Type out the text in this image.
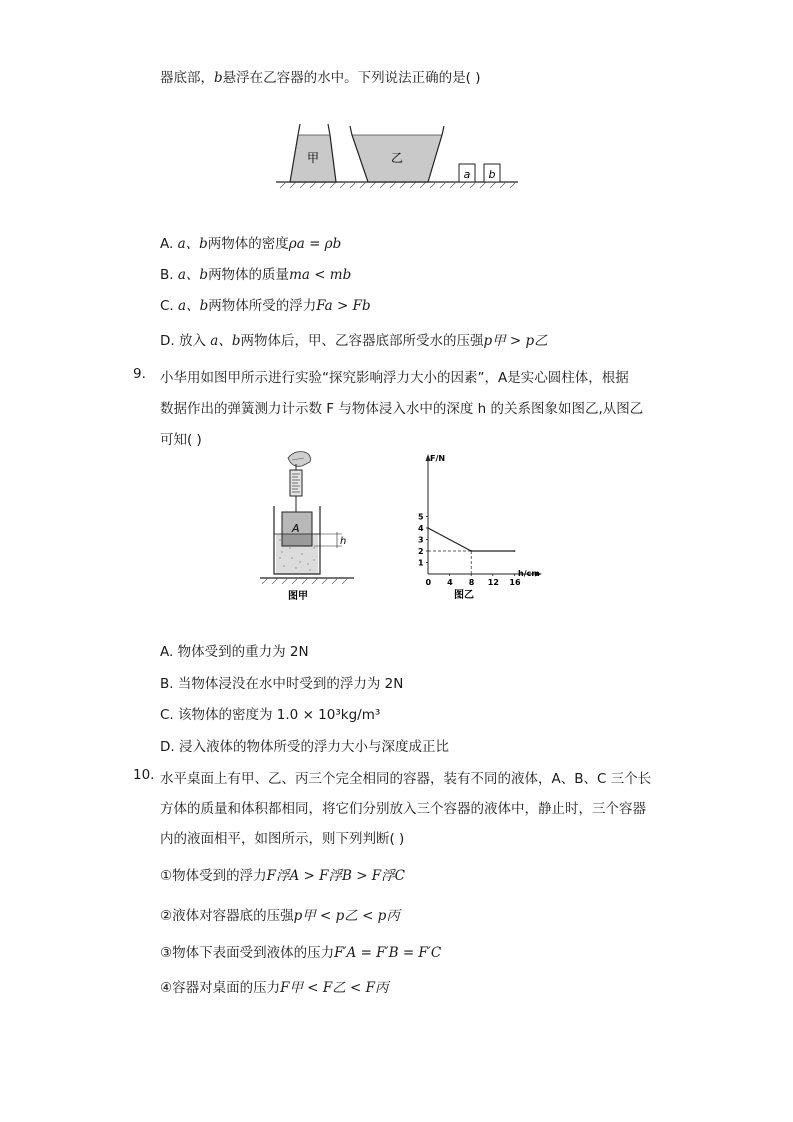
器底部，b悬浮在乙容器的水中。下列说法正确的是( )
甲	乙
a b
A. a、b两物体的密度ρa = ρb
B. a、b两物体的质量ma < mb
C. a、b两物体所受的浮力Fa > Fb
D. 放入 a、b两物体后，甲、乙容器底部所受水的压强p甲 > p乙
9. 小华用如图甲所示进行实验“探究影响浮力大小的因素”，A是实心圆柱体，根据
数据作出的弹簧测力计示数 F 与物体浸入水中的深度 h 的关系图象如图乙,从图乙
可知( )
A
h
图甲
F/N
h/cm
图乙
1
2
3
4
5
0 4 8 12 16
A. 物体受到的重力为 2N
B. 当物体浸没在水中时受到的浮力为 2N
C. 该物体的密度为 1.0 × 10³kg/m³
D. 浸入液体的物体所受的浮力大小与深度成正比
10. 水平桌面上有甲、乙、丙三个完全相同的容器，装有不同的液体，A、B、C 三个长
方体的质量和体积都相同，将它们分别放入三个容器的液体中，静止时，三个容器
内的液面相平，如图所示，则下列判断( )
①物体受到的浮力F浮A > F浮B > F浮C
②液体对容器底的压强p甲 < p乙 < p丙
③物体下表面受到液体的压力F′A = F′B = F′C
④容器对桌面的压力F甲 < F乙 < F丙
